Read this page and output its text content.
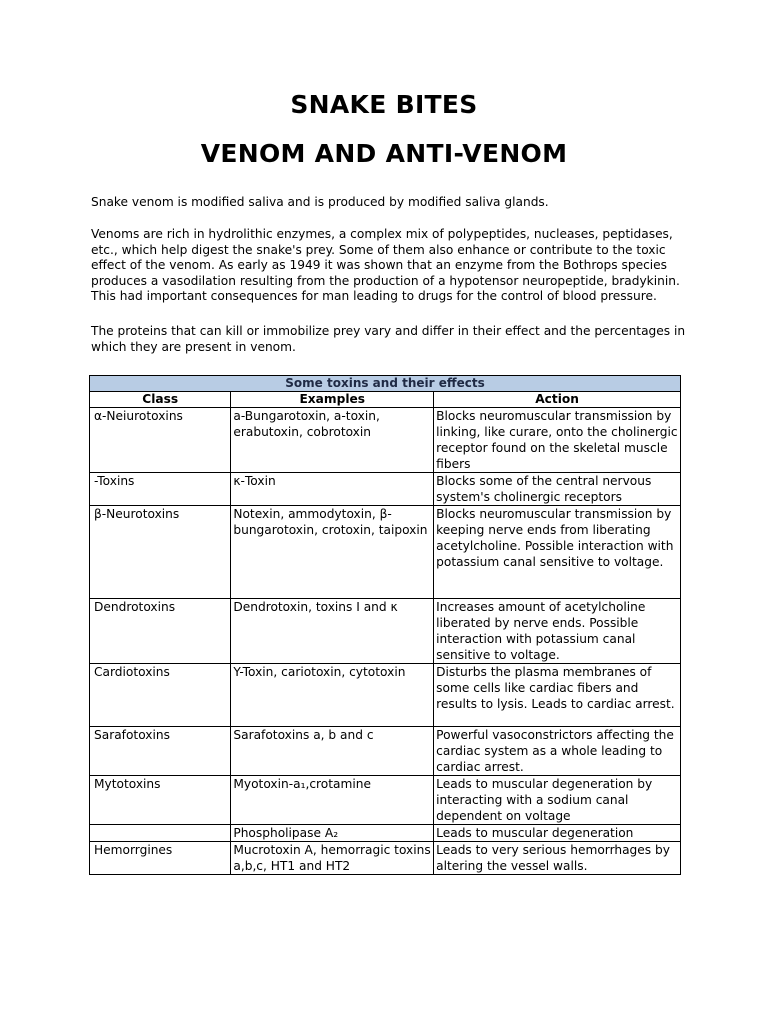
SNAKE BITES
VENOM AND ANTI-VENOM
Snake venom is modified saliva and is produced by modified saliva glands.
Venoms are rich in hydrolithic enzymes, a complex mix of polypeptides, nucleases, peptidases,
etc., which help digest the snake's prey. Some of them also enhance or contribute to the toxic
effect of the venom. As early as 1949 it was shown that an enzyme from the Bothrops species
produces a vasodilation resulting from the production of a hypotensor neuropeptide, bradykinin.
This had important consequences for man leading to drugs for the control of blood pressure.
The proteins that can kill or immobilize prey vary and differ in their effect and the percentages in
which they are present in venom.
Some toxins and their effects		
Class	Examples	Action

α-Neiurotoxins	a-Bungarotoxin, a-toxin,
erabutoxin, cobrotoxin	Blocks neuromuscular transmission by
linking, like curare, onto the cholinergic
receptor found on the skeletal muscle
fibers

-Toxins	κ-Toxin	Blocks some of the central nervous
system's cholinergic receptors

β-Neurotoxins	Notexin, ammodytoxin, β-
bungarotoxin, crotoxin, taipoxin	Blocks neuromuscular transmission by
keeping nerve ends from liberating
acetylcholine. Possible interaction with
potassium canal sensitive to voltage.

Dendrotoxins	Dendrotoxin, toxins I and κ	Increases amount of acetylcholine
liberated by nerve ends. Possible
interaction with potassium canal
sensitive to voltage.

Cardiotoxins	Y-Toxin, cariotoxin, cytotoxin	Disturbs the plasma membranes of
some cells like cardiac fibers and
results to lysis. Leads to cardiac arrest.

Sarafotoxins	Sarafotoxins a, b and c	Powerful vasoconstrictors affecting the
cardiac system as a whole leading to
cardiac arrest.

Mytotoxins	Myotoxin-a₁,crotamine	Leads to muscular degeneration by
interacting with a sodium canal
dependent on voltage

	Phospholipase A₂	Leads to muscular degeneration

Hemorrgines	Mucrotoxin A, hemorragic toxins
a,b,c, HT1 and HT2	Leads to very serious hemorrhages by
altering the vessel walls.
